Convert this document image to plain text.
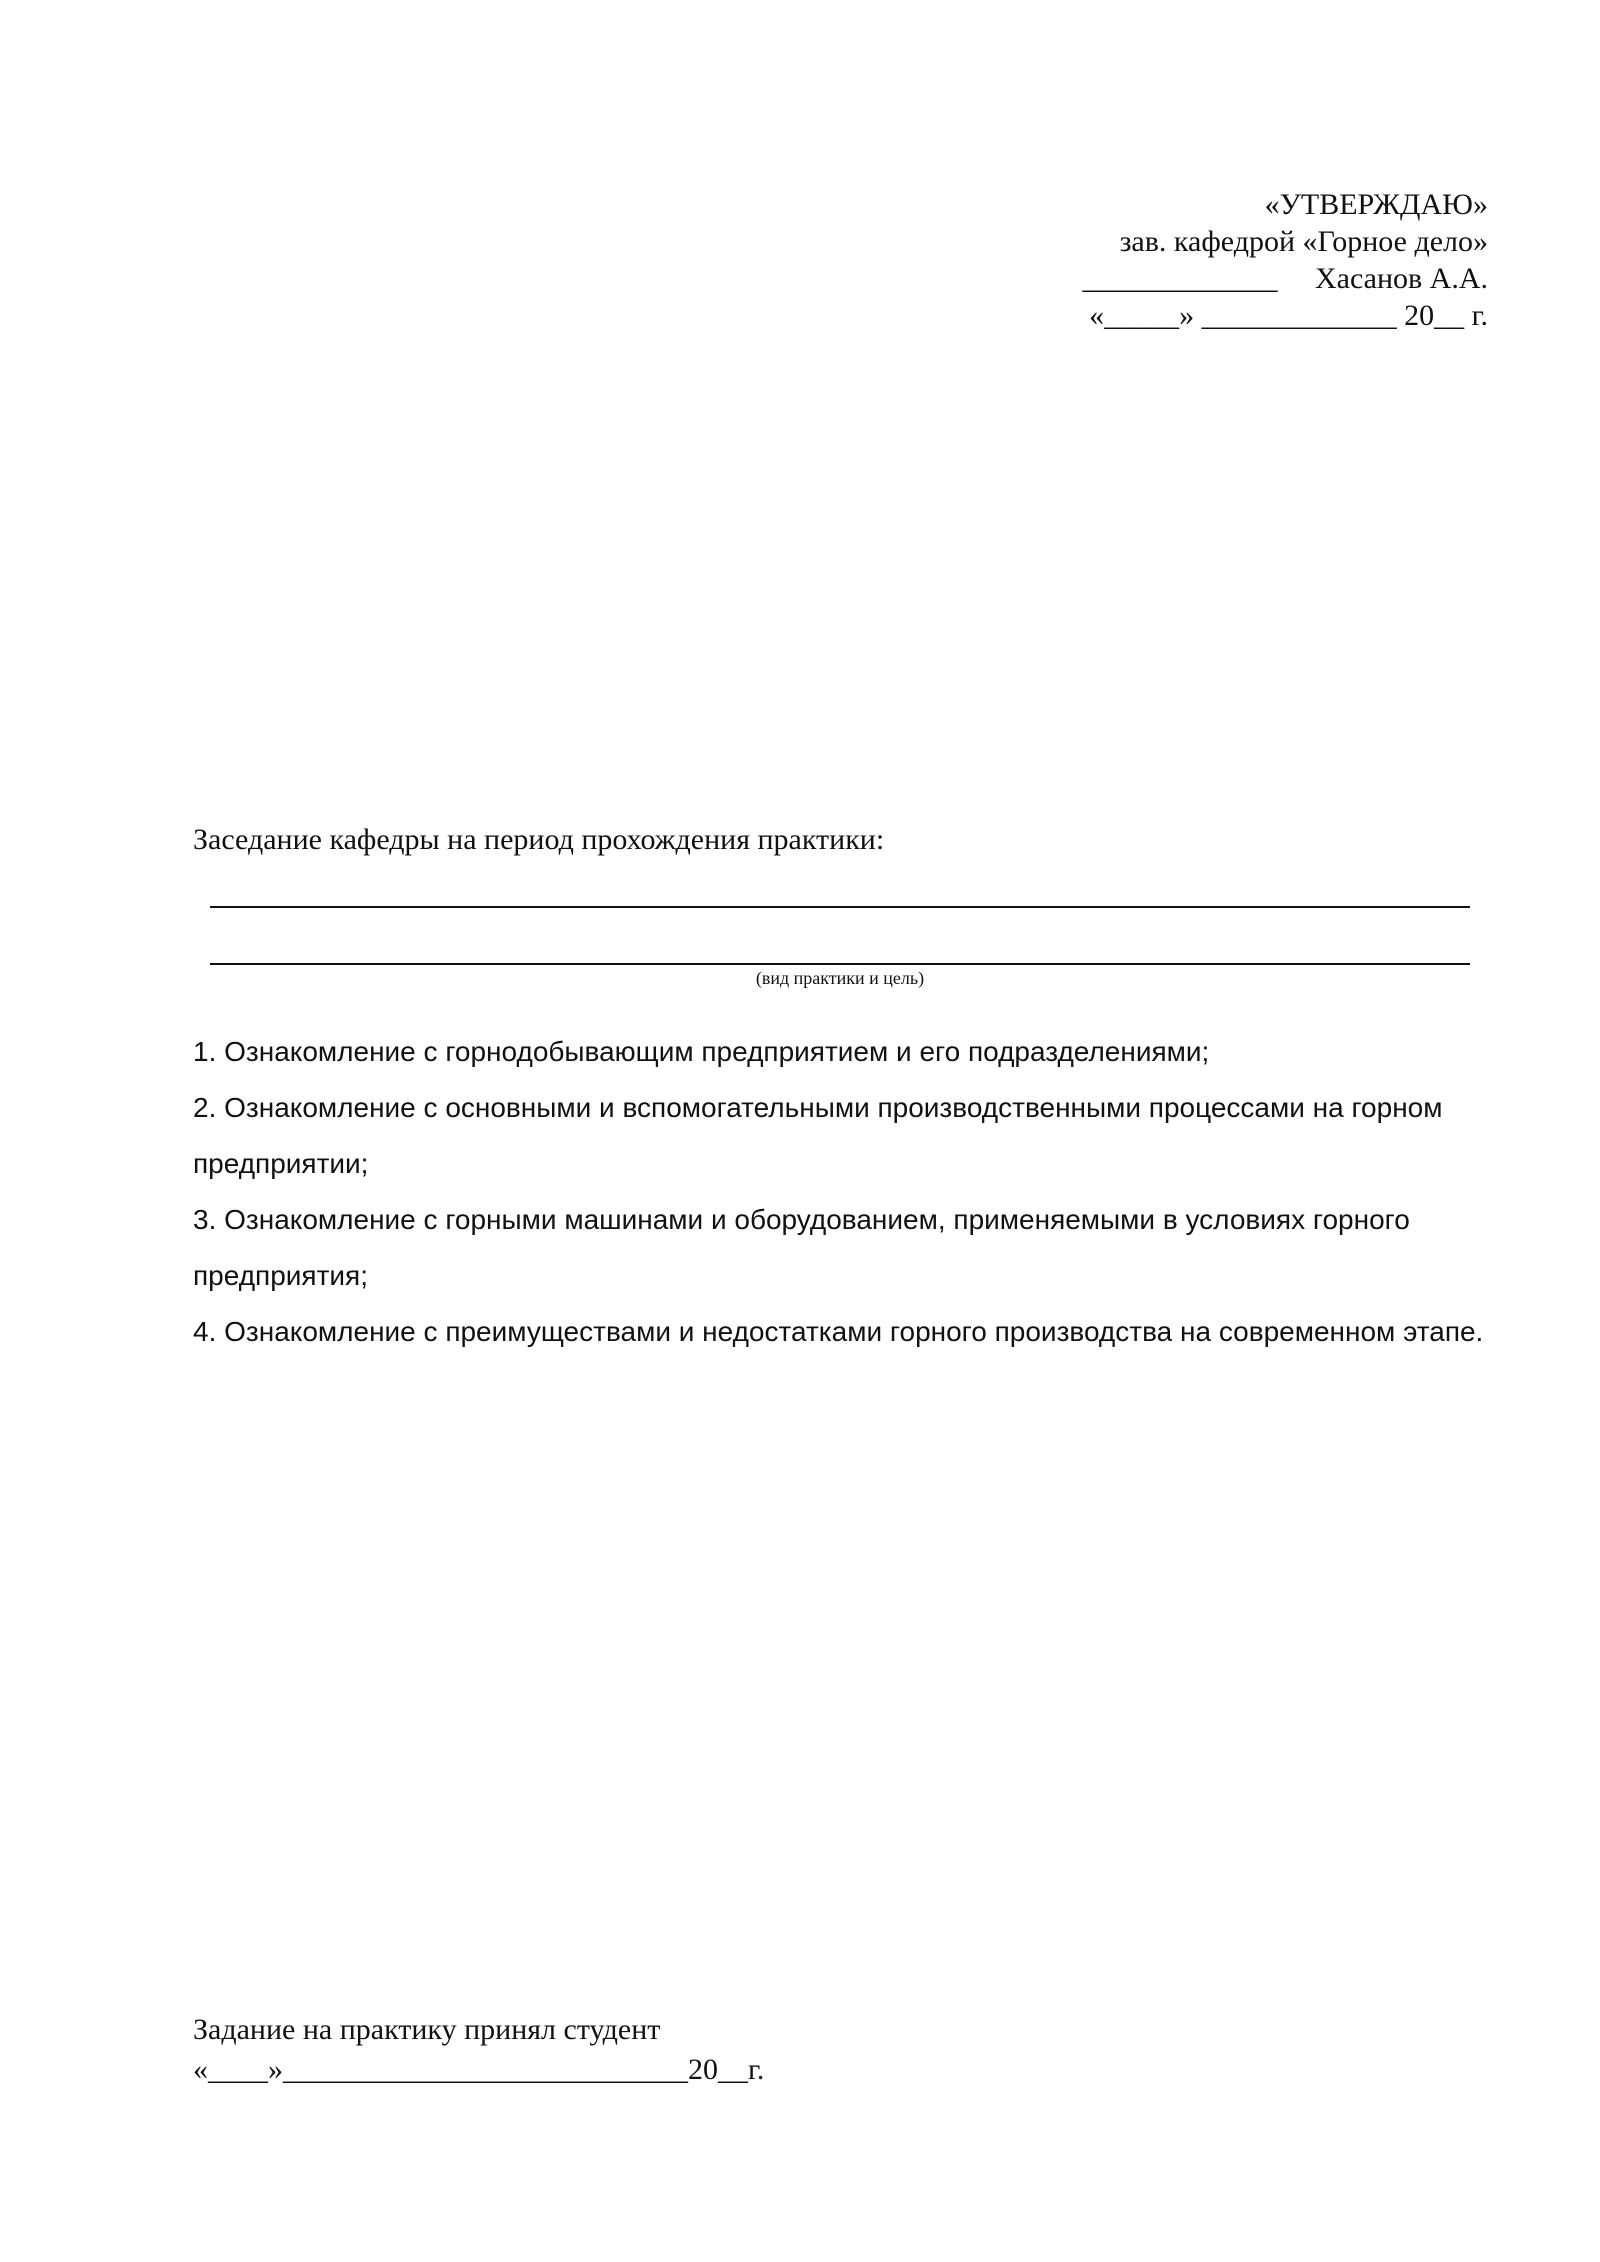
«УТВЕРЖДАЮ»
зав. кафедрой «Горное дело»
_____________     Хасанов А.А.
«_____» _____________ 20__ г.
Заседание кафедры на период прохождения практики:
(вид практики и цель)
1. Ознакомление с горнодобывающим предприятием и его подразделениями;
2. Ознакомление с основными и вспомогательными производственными процессами на горном предприятии;
3. Ознакомление с горными машинами и оборудованием, применяемыми в условиях горного предприятия;
4. Ознакомление с преимуществами и недостатками горного производства на современном этапе.
Задание на практику принял студент
«____»___________________________20__г.
